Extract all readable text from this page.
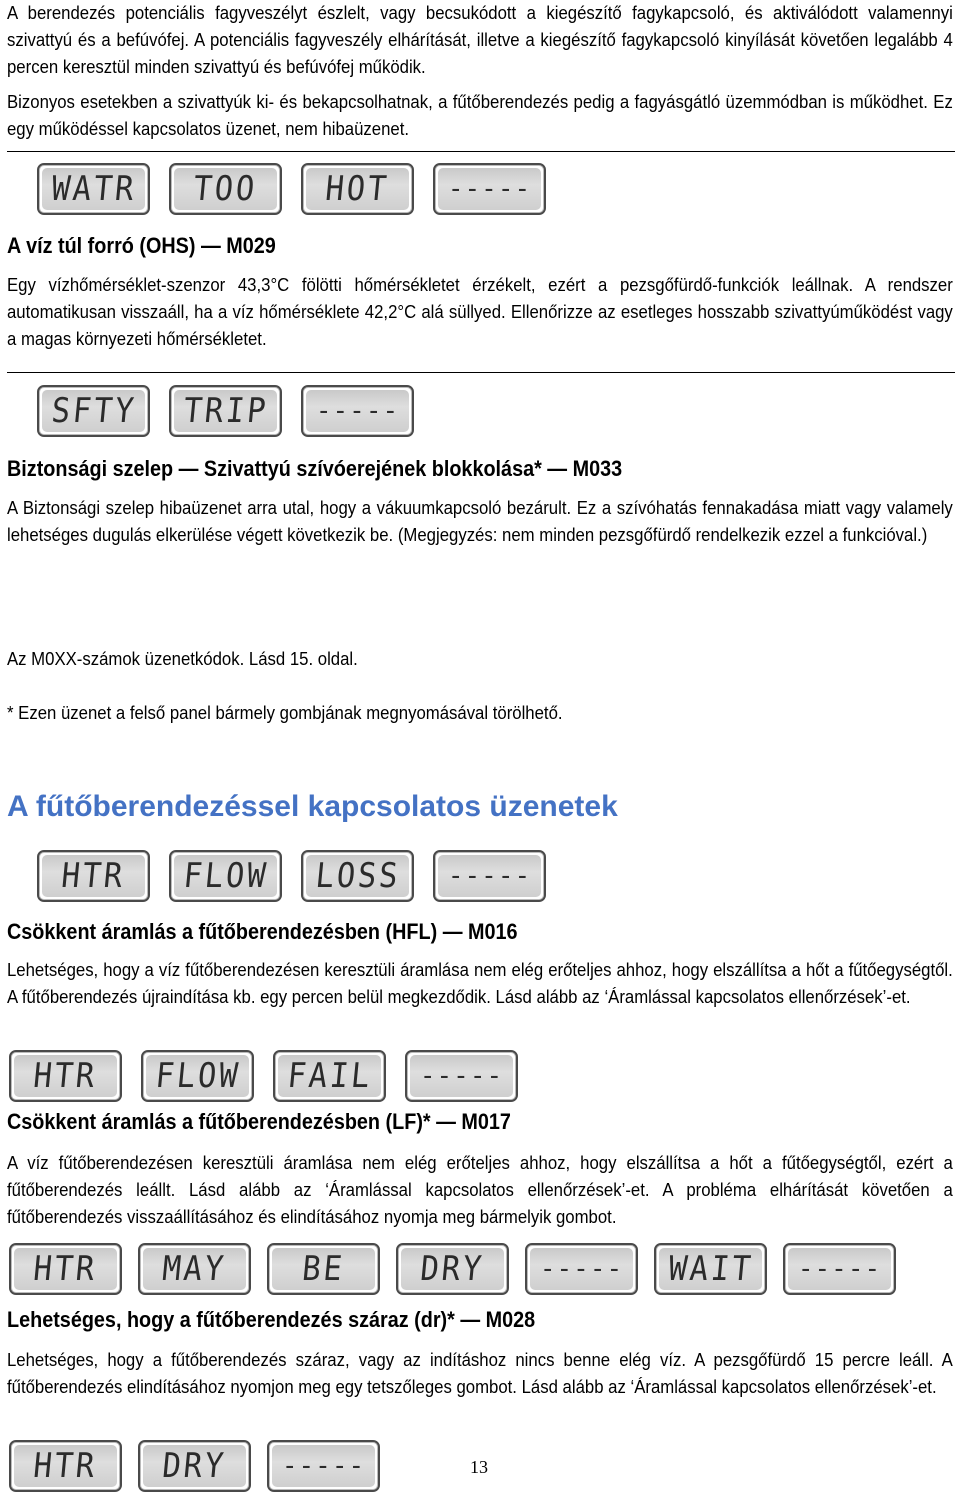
A berendezés potenciális fagyveszélyt észlelt, vagy becsukódott a kiegészítő fagykapcsoló, és aktiválódott valamennyi szivattyú és a befúvófej. A potenciális fagyveszély elhárítását, illetve a kiegészítő fagykapcsoló kinyílását követően legalább 4 percen keresztül minden szivattyú és befúvófej működik.

Bizonyos esetekben a szivattyúk ki- és bekapcsolhatnak, a fűtőberendezés pedig a fagyásgátló üzemmódban is működhet. Ez egy működéssel kapcsolatos üzenet, nem hibaüzenet.

WATR TOO HOT -----
A víz túl forró (OHS) — M029

Egy vízhőmérséklet-szenzor 43,3°C fölötti hőmérsékletet érzékelt, ezért a pezsgőfürdő-funkciók leállnak. A rendszer automatikusan visszaáll, ha a víz hőmérséklete 42,2°C alá süllyed. Ellenőrizze az esetleges hosszabb szivattyúműködést vagy a magas környezeti hőmérsékletet.

SFTY TRIP -----
Biztonsági szelep — Szivattyú szívóerejének blokkolása* — M033

A Biztonsági szelep hibaüzenet arra utal, hogy a vákuumkapcsoló bezárult. Ez a szívóhatás fennakadása miatt vagy valamely lehetséges dugulás elkerülése végett következik be. (Megjegyzés: nem minden pezsgőfürdő rendelkezik ezzel a funkcióval.)

Az M0XX-számok üzenetkódok. Lásd 15. oldal.

* Ezen üzenet a felső panel bármely gombjának megnyomásával törölhető.

A fűtőberendezéssel kapcsolatos üzenetek
HTR FLOW LOSS -----
Csökkent áramlás a fűtőberendezésben (HFL) — M016

Lehetséges, hogy a víz fűtőberendezésen keresztüli áramlása nem elég erőteljes ahhoz, hogy elszállítsa a hőt a fűtőegységtől. A fűtőberendezés újraindítása kb. egy percen belül megkezdődik. Lásd alább az ‘Áramlással kapcsolatos ellenőrzések’-et.

HTR FLOW FAIL -----
Csökkent áramlás a fűtőberendezésben (LF)* — M017

A víz fűtőberendezésen keresztüli áramlása nem elég erőteljes ahhoz, hogy elszállítsa a hőt a fűtőegységtől, ezért a fűtőberendezés leállt. Lásd alább az ‘Áramlással kapcsolatos ellenőrzések’-et. A probléma elhárítását követően a fűtőberendezés visszaállításához és elindításához nyomja meg bármelyik gombot.

HTR MAY BE DRY ----- WAIT -----
Lehetséges, hogy a fűtőberendezés száraz (dr)* — M028

Lehetséges, hogy a fűtőberendezés száraz, vagy az indításhoz nincs benne elég víz. A pezsgőfürdő 15 percre leáll. A fűtőberendezés elindításához nyomjon meg egy tetszőleges gombot. Lásd alább az ‘Áramlással kapcsolatos ellenőrzések’-et.

HTR DRY -----	13
